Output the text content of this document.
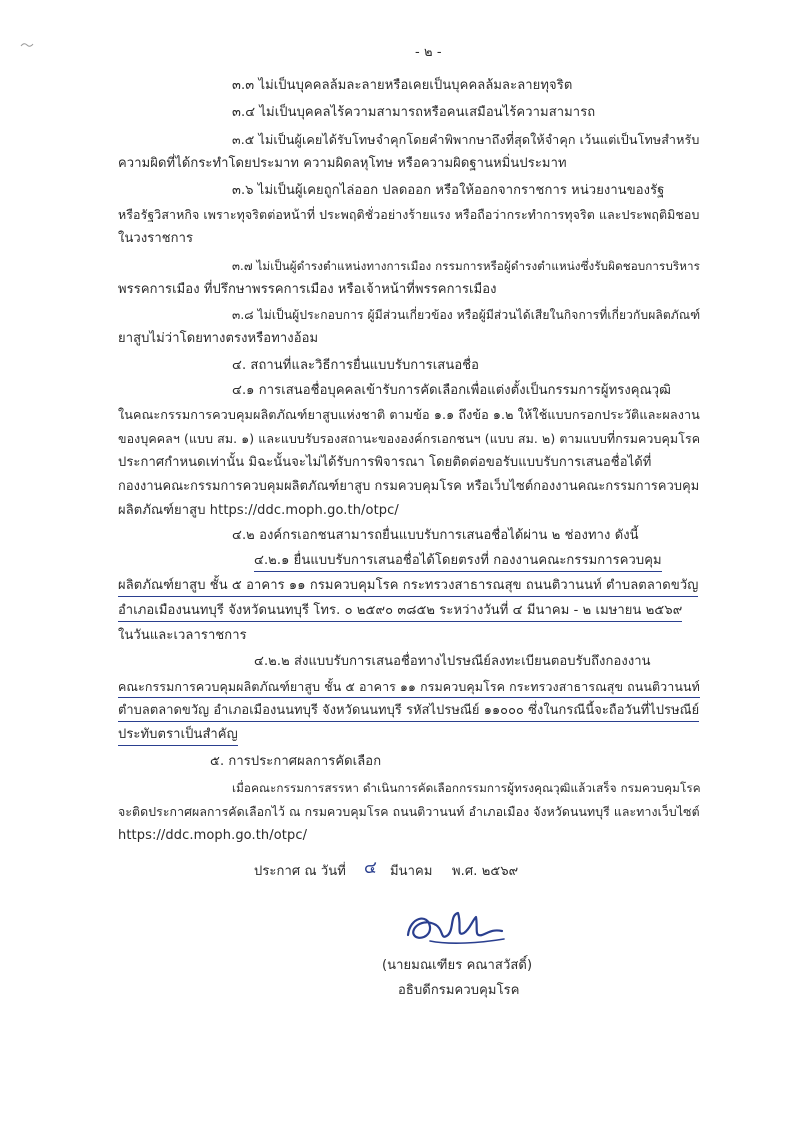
- ๒ -
๓.๓ ไม่เป็นบุคคลล้มละลายหรือเคยเป็นบุคคลล้มละลายทุจริต
๓.๔ ไม่เป็นบุคคลไร้ความสามารถหรือคนเสมือนไร้ความสามารถ
๓.๕ ไม่เป็นผู้เคยได้รับโทษจำคุกโดยคำพิพากษาถึงที่สุดให้จำคุก เว้นแต่เป็นโทษสำหรับ
ความผิดที่ได้กระทำโดยประมาท ความผิดลหุโทษ หรือความผิดฐานหมิ่นประมาท
๓.๖ ไม่เป็นผู้เคยถูกไล่ออก ปลดออก หรือให้ออกจากราชการ หน่วยงานของรัฐ
หรือรัฐวิสาหกิจ เพราะทุจริตต่อหน้าที่ ประพฤติชั่วอย่างร้ายแรง หรือถือว่ากระทำการทุจริต และประพฤติมิชอบ
ในวงราชการ
๓.๗ ไม่เป็นผู้ดำรงตำแหน่งทางการเมือง กรรมการหรือผู้ดำรงตำแหน่งซึ่งรับผิดชอบการบริหาร
พรรคการเมือง ที่ปรึกษาพรรคการเมือง หรือเจ้าหน้าที่พรรคการเมือง
๓.๘ ไม่เป็นผู้ประกอบการ ผู้มีส่วนเกี่ยวข้อง หรือผู้มีส่วนได้เสียในกิจการที่เกี่ยวกับผลิตภัณฑ์
ยาสูบไม่ว่าโดยทางตรงหรือทางอ้อม
๔. สถานที่และวิธีการยื่นแบบรับการเสนอชื่อ
๔.๑ การเสนอชื่อบุคคลเข้ารับการคัดเลือกเพื่อแต่งตั้งเป็นกรรมการผู้ทรงคุณวุฒิ
ในคณะกรรมการควบคุมผลิตภัณฑ์ยาสูบแห่งชาติ ตามข้อ ๑.๑ ถึงข้อ ๑.๒ ให้ใช้แบบกรอกประวัติและผลงาน
ของบุคคลฯ (แบบ สม. ๑) และแบบรับรองสถานะขององค์กรเอกชนฯ (แบบ สม. ๒) ตามแบบที่กรมควบคุมโรค
ประกาศกำหนดเท่านั้น มิฉะนั้นจะไม่ได้รับการพิจารณา โดยติดต่อขอรับแบบรับการเสนอชื่อได้ที่
กองงานคณะกรรมการควบคุมผลิตภัณฑ์ยาสูบ กรมควบคุมโรค หรือเว็บไซต์กองงานคณะกรรมการควบคุม
ผลิตภัณฑ์ยาสูบ https://ddc.moph.go.th/otpc/
๔.๒ องค์กรเอกชนสามารถยื่นแบบรับการเสนอชื่อได้ผ่าน ๒ ช่องทาง ดังนี้
๔.๒.๑ ยื่นแบบรับการเสนอชื่อได้โดยตรงที่ กองงานคณะกรรมการควบคุม
ผลิตภัณฑ์ยาสูบ ชั้น ๕ อาคาร ๑๑ กรมควบคุมโรค กระทรวงสาธารณสุข ถนนติวานนท์ ตำบลตลาดขวัญ
อำเภอเมืองนนทบุรี จังหวัดนนทบุรี โทร. ๐ ๒๕๙๐ ๓๘๕๒ ระหว่างวันที่ ๔ มีนาคม - ๒ เมษายน ๒๕๖๙
ในวันและเวลาราชการ
๔.๒.๒ ส่งแบบรับการเสนอชื่อทางไปรษณีย์ลงทะเบียนตอบรับถึงกองงาน
คณะกรรมการควบคุมผลิตภัณฑ์ยาสูบ ชั้น ๕ อาคาร ๑๑ กรมควบคุมโรค กระทรวงสาธารณสุข ถนนติวานนท์
ตำบลตลาดขวัญ อำเภอเมืองนนทบุรี จังหวัดนนทบุรี รหัสไปรษณีย์ ๑๑๐๐๐ ซึ่งในกรณีนี้จะถือวันที่ไปรษณีย์
ประทับตราเป็นสำคัญ
๕. การประกาศผลการคัดเลือก
เมื่อคณะกรรมการสรรหา ดำเนินการคัดเลือกกรรมการผู้ทรงคุณวุฒิแล้วเสร็จ กรมควบคุมโรค
จะติดประกาศผลการคัดเลือกไว้ ณ กรมควบคุมโรค ถนนติวานนท์ อำเภอเมือง จังหวัดนนทบุรี และทางเว็บไซต์
https://ddc.moph.go.th/otpc/
ประกาศ ณ วันที่ ๔ มีนาคม พ.ศ. ๒๕๖๙
(นายมณเฑียร คณาสวัสดิ์)
อธิบดีกรมควบคุมโรค
